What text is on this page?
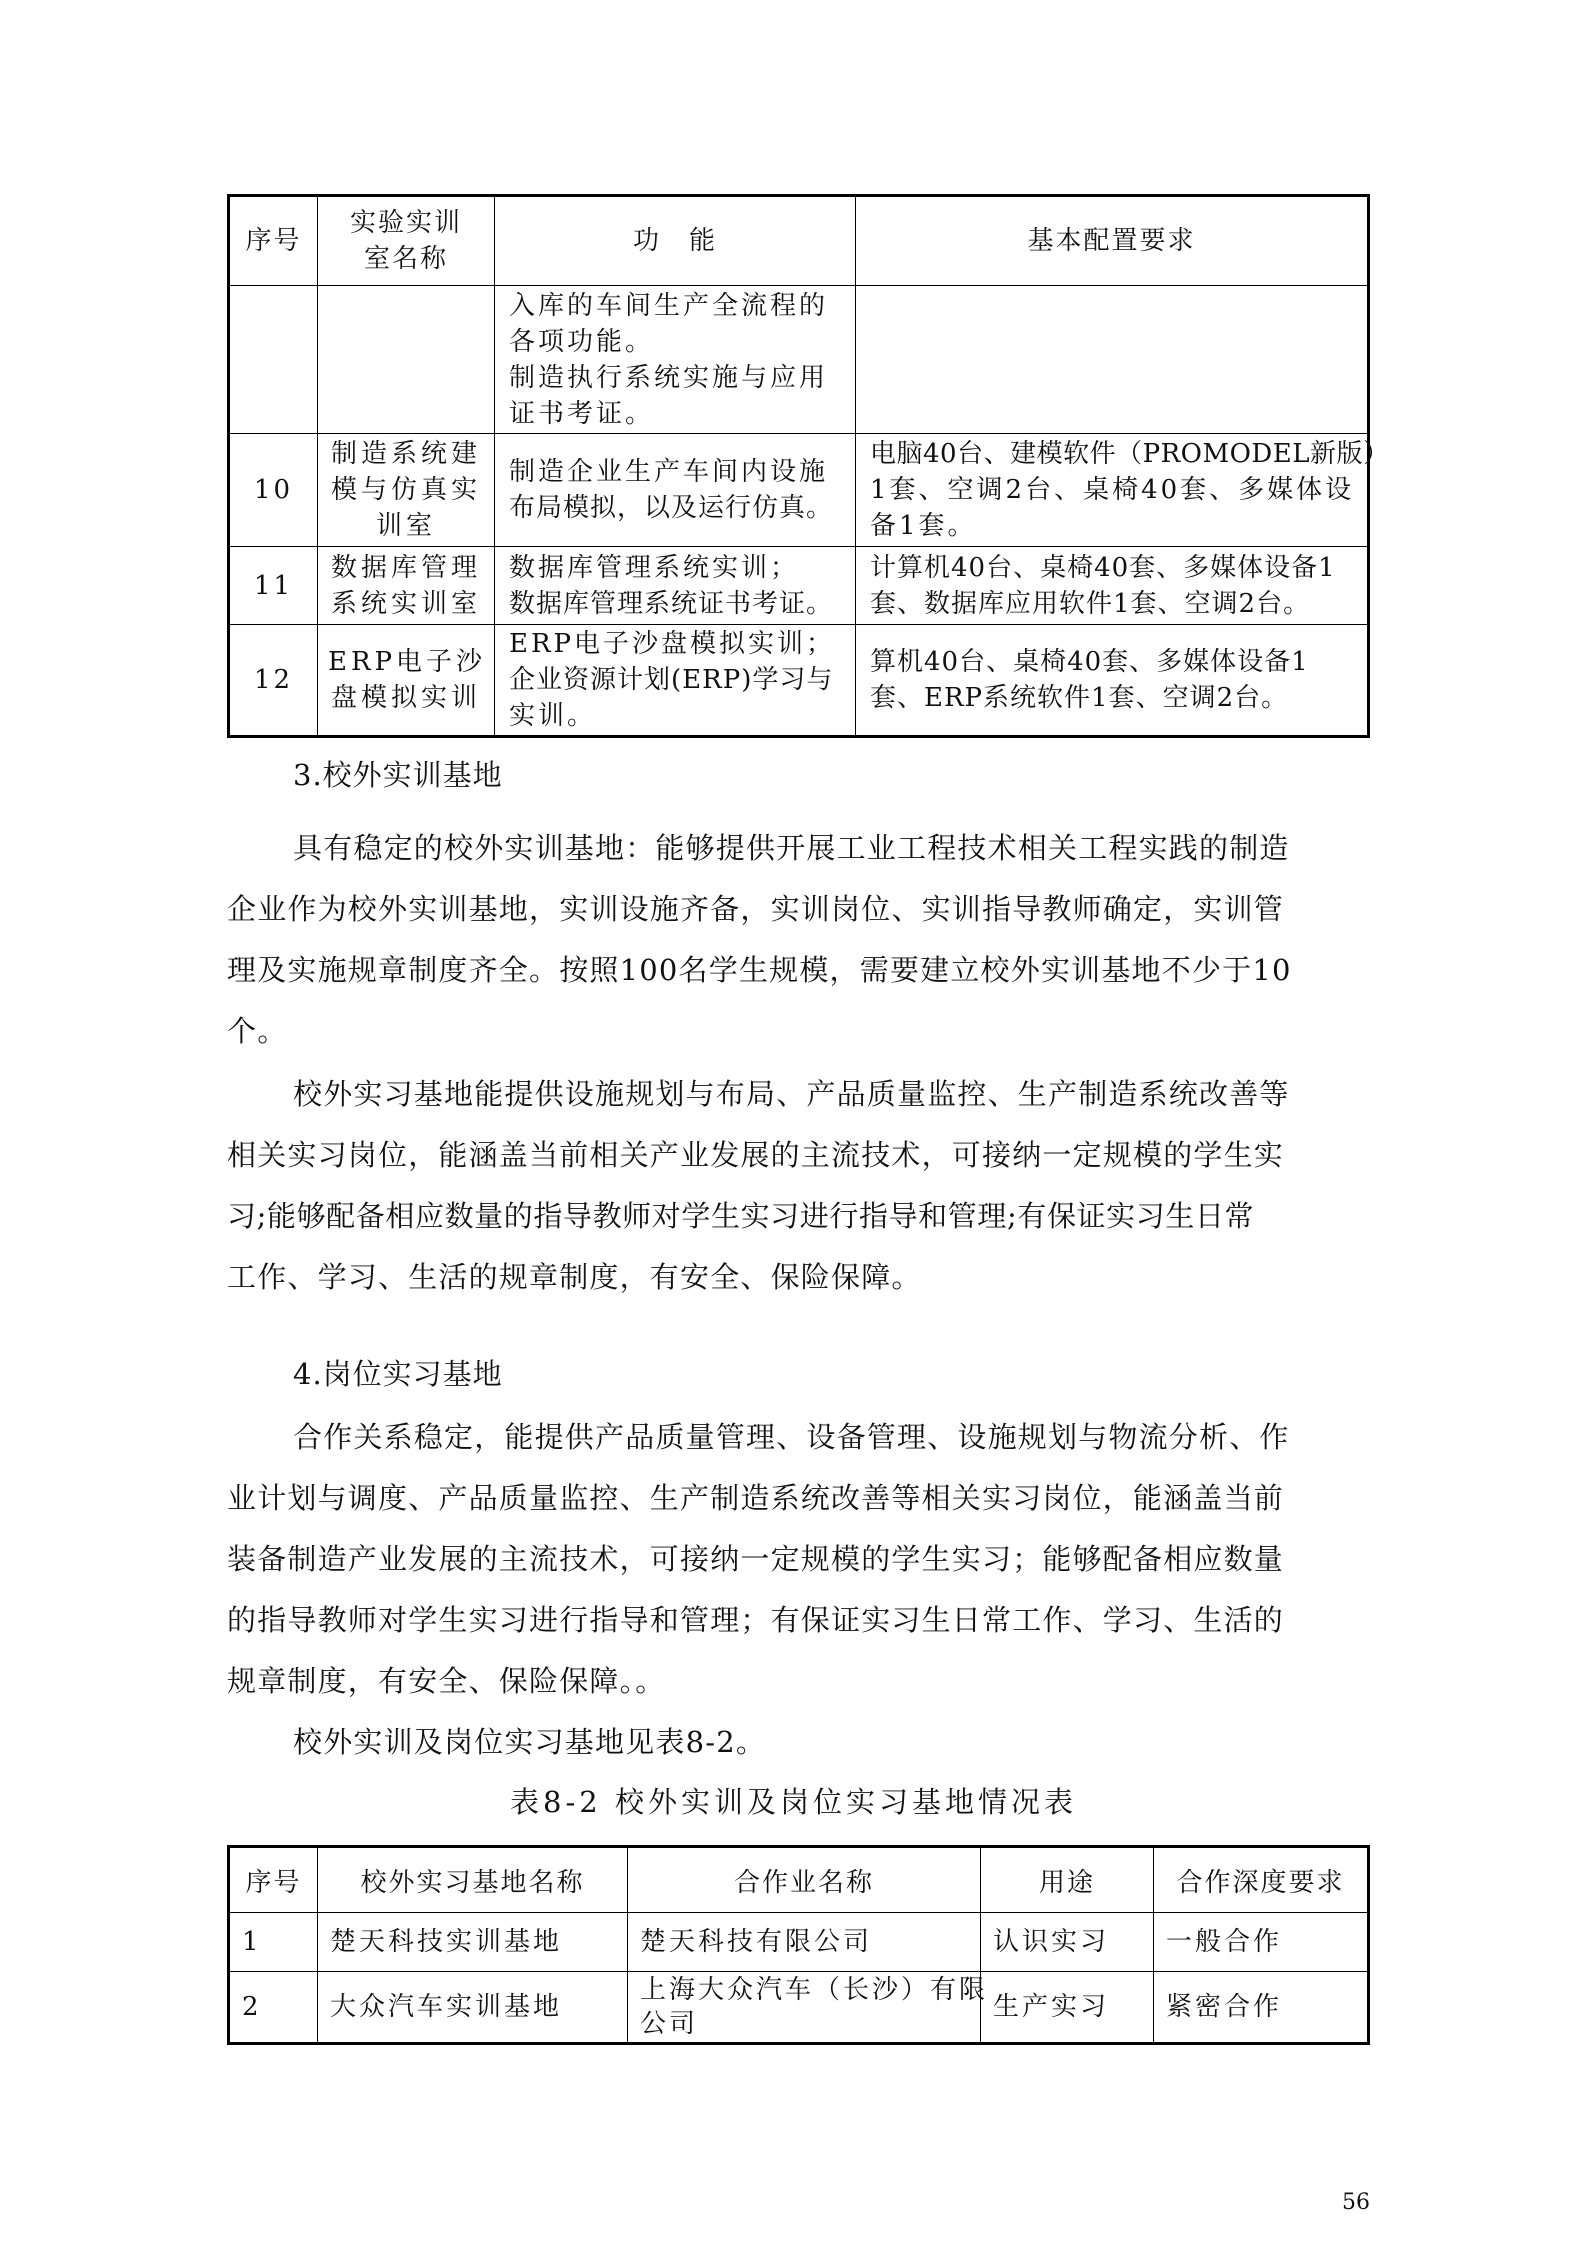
序号	实验实训室名称	功　能	基本配置要求

		入库的车间生产全流程的
各项功能。
制造执行系统实施与应用
证书考证。	

10	制造系统建
模与仿真实
训室	制造企业生产车间内设施
布局模拟，以及运行仿真。	电脑40台、建模软件（PROMODEL新版）
1套、空调2台、桌椅40套、多媒体设
备1套。

11	数据库管理
系统实训室	数据库管理系统实训；
数据库管理系统证书考证。	计算机40台、桌椅40套、多媒体设备1
套、数据库应用软件1套、空调2台。

12	ERP电子沙
盘模拟实训	ERP电子沙盘模拟实训；
企业资源计划(ERP)学习与
实训。	算机40台、桌椅40套、多媒体设备1
套、ERP系统软件1套、空调2台。
3.校外实训基地
具有稳定的校外实训基地：能够提供开展工业工程技术相关工程实践的制造
企业作为校外实训基地，实训设施齐备，实训岗位、实训指导教师确定，实训管
理及实施规章制度齐全。按照100名学生规模，需要建立校外实训基地不少于10
个。
校外实习基地能提供设施规划与布局、产品质量监控、生产制造系统改善等
相关实习岗位，能涵盖当前相关产业发展的主流技术，可接纳一定规模的学生实
习;能够配备相应数量的指导教师对学生实习进行指导和管理;有保证实习生日常
工作、学习、生活的规章制度，有安全、保险保障。
4.岗位实习基地
合作关系稳定，能提供产品质量管理、设备管理、设施规划与物流分析、作
业计划与调度、产品质量监控、生产制造系统改善等相关实习岗位，能涵盖当前
装备制造产业发展的主流技术，可接纳一定规模的学生实习；能够配备相应数量
的指导教师对学生实习进行指导和管理；有保证实习生日常工作、学习、生活的
规章制度，有安全、保险保障。。
校外实训及岗位实习基地见表8-2。
表8-2 校外实训及岗位实习基地情况表
序号	校外实习基地名称	合作业名称	用途	合作深度要求
1	楚天科技实训基地	楚天科技有限公司	认识实习	一般合作
2	大众汽车实训基地	上海大众汽车（长沙）有限
公司	生产实习	紧密合作
56
